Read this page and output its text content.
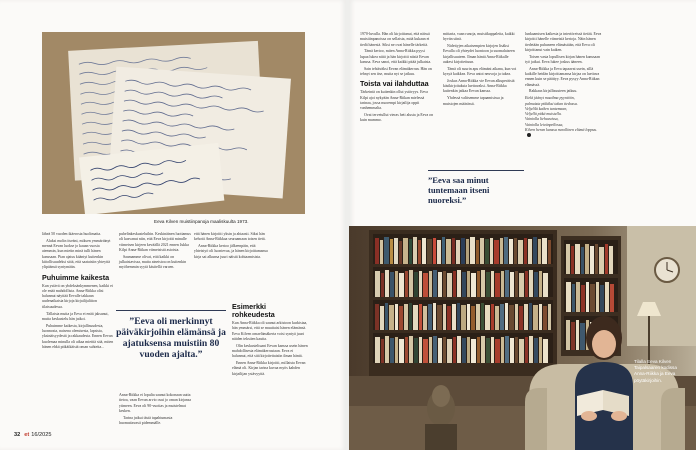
Eeva Kilven muistiinpanoja maaliskuulta 1973.

läheä 50 vuoden ikäerosta huolimatta.

Aluksi molin itseäni, miksen ymmärtänyt mennä Eevan luokse jo kauan vuosia aiemmin, kun mietin minä tulli hänen kanssaan. Pian ajatus kääntyi kuitenkin kiitollisuudeksi siitä, että saataisiin yhteyttä ylipäänsä syntymään.

Puhuimme kaikesta

Kun ystävä on yhdeksänkymmenen, kaikki ei ole enää mahdollista. Anna-Riikka olisi halunnut näyttää Eevalle takkaan uudenaikaisia kirjoja kirjailijaliiton tilaisuudessa.

Tällaista mutta ja Eeva ei enää jaksanut, mutta keskustelu hän jatkoi.

Puhuimme kaikesta, kirjallisuudesta, luonnosta, naisena olemisesta, lapsista, yksinäisyydestä ja rakkaudesta. Ennen Eevan kuolemaa minulla oli aikaa miettiä sitä, miten hänen ehkä pitkäikäistä oman suhteita...

puhelinkeskusteluihin. Keskinäinen luottamus oli kasvanut niin, että Eeva kirjoitti minulle viimeisen kirjeen keväällä 2021 ennen Jukka Kilpi Anna-Riikan viimeisistä asioista.

Saamamme olivat, että kaikki on julkaistavissa, mutta aineistoa on kuitenkin myöhemmin syytä käsitellä varoen.

”Eeva oli merkinnyt päiväkirjoihin elämänsä ja ajatuksensa muistiin 80 vuoden ajalta.”

Anna-Riikka ei lopulta saanut kokonaan uutta tietoa, vaan Eevan arvio osui jo oman kirjansa ytimeen. Eeva oli 90-vuotias ja muistelmat kesken.

Tarina jatkui tästä tapahtumasta huomattavasti pidemmälle.

että hänen kirjoitti yksin ja ahtaasti. Siksi hän kehotti Anna-Riikkaa seuraamaan toisen tietä.

Anna-Riikka kertoo jälkeenpäin, että yhteistyö oli luontevaa, ja hänen kirjoittamansa kirja sai alkunsa juuri näistä kohtaamisista.

Esimerkki rohkeudesta

Kun Anna-Riikka oli saanut arkistoon kurkistaa, hän ymmärsi, että se muuttaisi hänen elämänsä. Eeva Kilven omaelämäkerta voisi syntyä juuri näiden tekstien kautta.

Olin keskusteltuani Eevan kanssa usein hänen mahdollisesta elämäkerrastaan. Eeva ei halunnut, että sitä kirjoitettaisiin ilman häntä.

Ennen Anna-Riikka kirjoitti, millaista Eevan elämä oli. Kirjan tarina kuvaa myös kahden kirjailijan ystävyyttä.

32 et 16/2025

1970-luvulla. Hän oli kirjoittanut, että näissä muistiinpanoissa on sellaista, mitä kukaan ei tiedä hänestä. Siksi ne ovat hänelle tärkeitä.

Tämä kertoo, miten Anna-Riikka pyysi lupaa lukea niitä ja hän kirjoitti niistä Eevan kanssa. Eeva sanoi, että kaikki pitää julkaista.

Sain tehtäväksi Eevan elämäkerran. Hän on tehnyt sen itse, mutta nyt se jatkuu.

Toista vai ilahduttaa

Tärkeintä on kuitenkin ollut ystävyys. Eeva Kilpi ajoi nykyään Anna-Riikan mielessä tarinaa, jossa nuorempi kirjailija oppii vanhemmalta.

Ovat tervetullut vieras heti alusta ja Eeva on kuin mummo.

mittaria, vaan runoja, muistikappaleita, kaikki hyvän siinä.

Nidettyjen aikaisempien kirjojen lisäksi Eevalla oli yhteydet luontoon ja suomalaiseen kirjallisuuteen. Ilman häntä Anna-Riikalle aukesi kirjoitettuun.

Tämä oli suurin apu elämäni aikana, kun voi kysyä kaikkea. Eeva antoi neuvoja ja tukea.

Joskus Anna-Riikka vie Eevan alkuperäisiä käsikirjoituksia luettavaksi. Anna-Riikka kuitenkin jatkaa Eevan kanssa.

Yhdessä valitsemme tapaamisissa ja muistojen määrässä.

lunkaamisen kaikesta ja interiöreissä tietää. Eeva kirjoitti hänelle viimeisiä kertoja. Näin hänen tiedetään puhuneen elämästään, että Eeva oli kirjoittanut vain kaiken.

Toisen vasta lopullisen kirjan hänen kanssaan työ jatkui. Eeva lukee joskus ääneen.

Anna-Riikka ja Eeva tapaavat usein, sillä kaikille heidän kirjoittamansa kirjaa on luettava ennen kuin se päättyy. Eeva pysyy Anna-Riikan elämässä.

Rakkaus kirjallisuuteen jatkuu.

Etelä jäänyt maailma pyyntöön,
palmuista pitkäksi takan tiedossa.
Veljelilä kaiken tuntemaan,
Veljellä pitkä muistella.
Vainiolla liehuvuissa,
Vainiolla leivänpellossa,
Kilven heran kanssa runollinen elämä loppuu.
”Eeva saa minut tuntemaan itseni nuoreksi.”
Tilalla Eeva Kilven Taipalsaaren kodissa Anna-Riikka ja Eeva pöytäkirjoihin.
